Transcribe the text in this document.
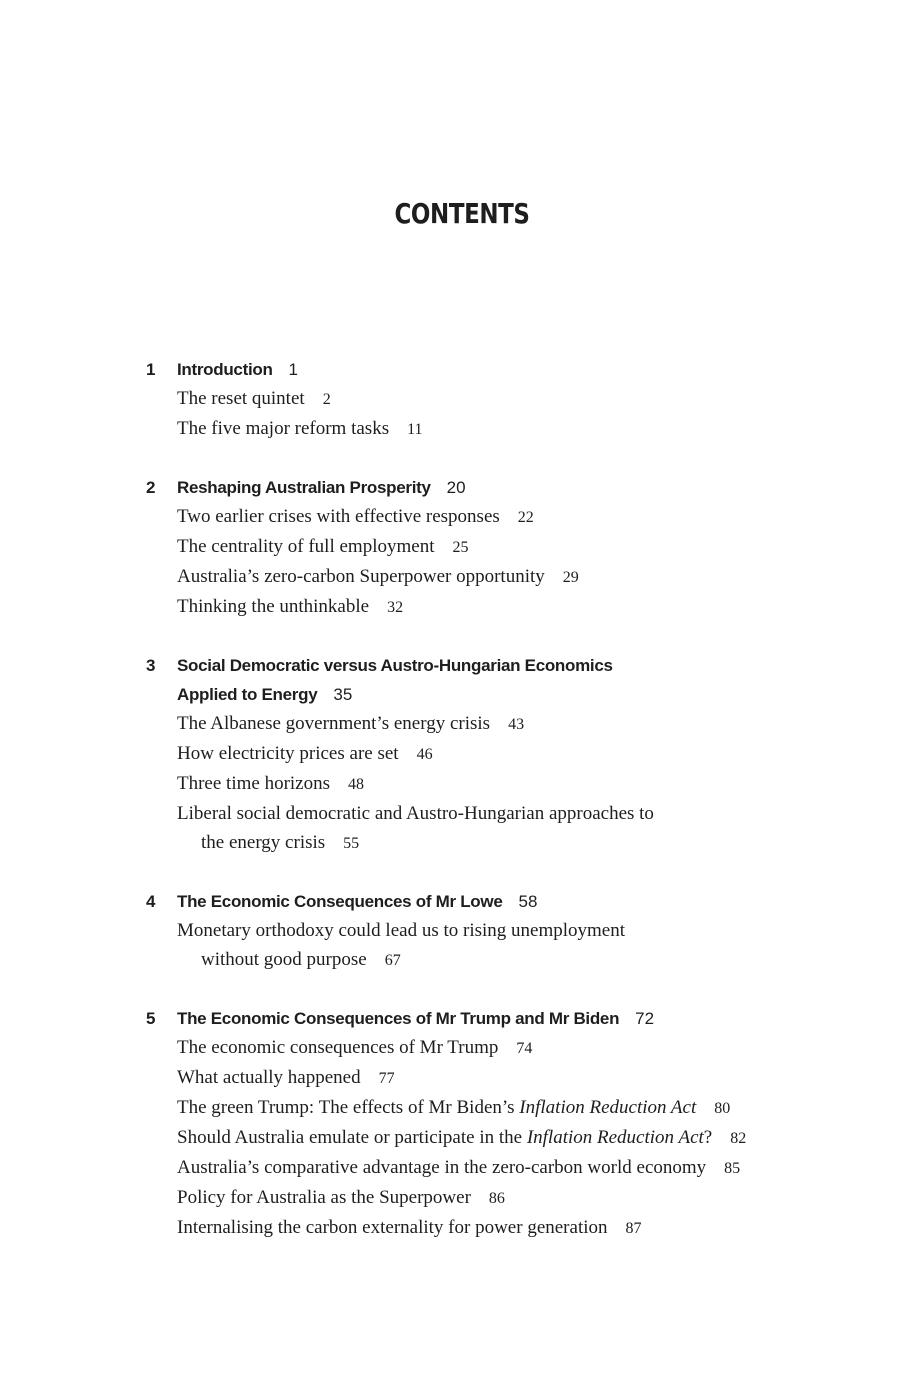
CONTENTS
1 Introduction 1
The reset quintet 2
The five major reform tasks 11
2 Reshaping Australian Prosperity 20
Two earlier crises with effective responses 22
The centrality of full employment 25
Australia’s zero-carbon Superpower opportunity 29
Thinking the unthinkable 32
3 Social Democratic versus Austro-Hungarian Economics
Applied to Energy 35
The Albanese government’s energy crisis 43
How electricity prices are set 46
Three time horizons 48
Liberal social democratic and Austro-Hungarian approaches to
the energy crisis 55
4 The Economic Consequences of Mr Lowe 58
Monetary orthodoxy could lead us to rising unemployment
without good purpose 67
5 The Economic Consequences of Mr Trump and Mr Biden 72
The economic consequences of Mr Trump 74
What actually happened 77
The green Trump: The effects of Mr Biden’s Inflation Reduction Act 80
Should Australia emulate or participate in the Inflation Reduction Act? 82
Australia’s comparative advantage in the zero-carbon world economy 85
Policy for Australia as the Superpower 86
Internalising the carbon externality for power generation 87
